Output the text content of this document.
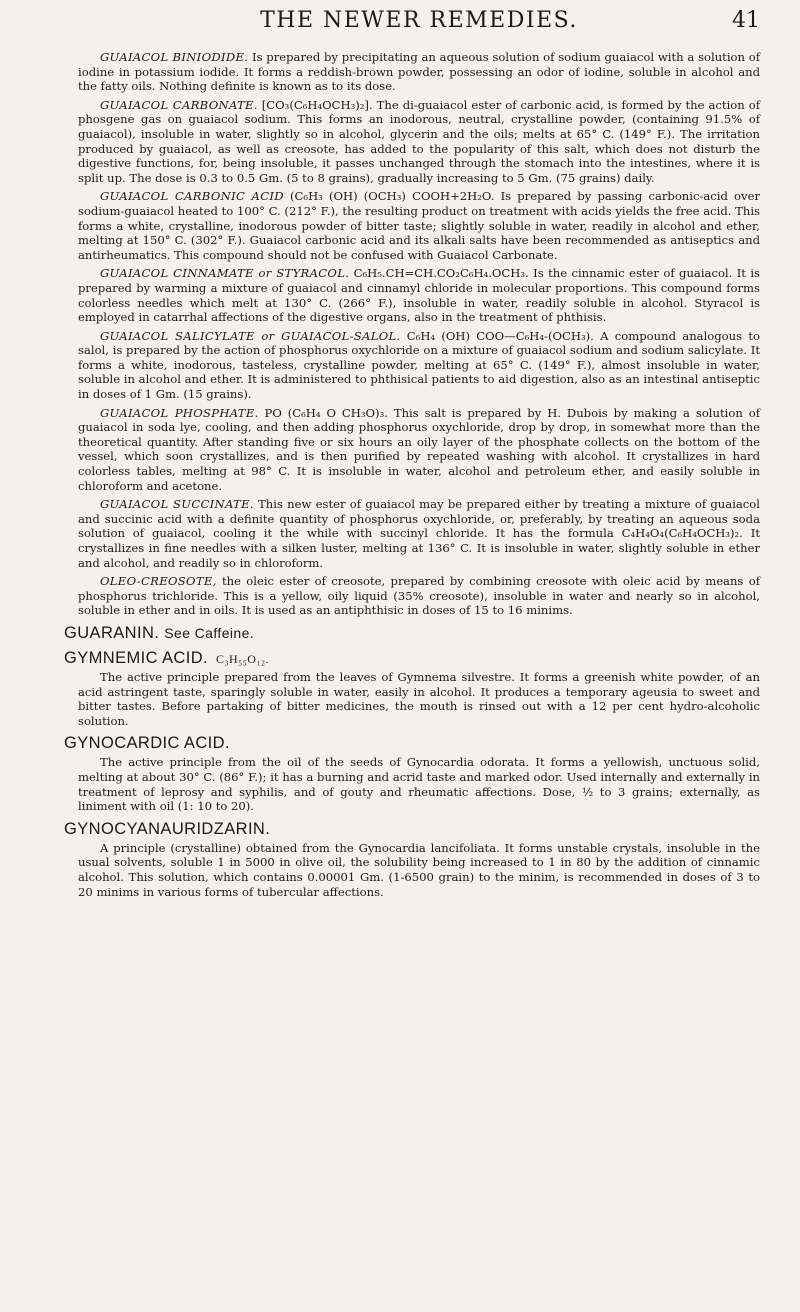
THE NEWER REMEDIES.	41

GUAIACOL BINIODIDE. Is prepared by precipitating an aqueous solution of sodium guaiacol with a solution of iodine in potassium iodide. It forms a reddish-brown powder, possessing an odor of iodine, soluble in alcohol and the fatty oils. Nothing definite is known as to its dose.

GUAIACOL CARBONATE. [CO₃(C₆H₄OCH₃)₂]. The di-guaiacol ester of carbonic acid, is formed by the action of phosgene gas on guaiacol sodium. This forms an inodorous, neutral, crystalline powder, (containing 91.5% of guaiacol), insoluble in water, slightly so in alcohol, glycerin and the oils; melts at 65° C. (149° F.). The irritation produced by guaiacol, as well as creosote, has added to the popularity of this salt, which does not disturb the digestive functions, for, being insoluble, it passes unchanged through the stomach into the intestines, where it is split up. The dose is 0.3 to 0.5 Gm. (5 to 8 grains), gradually increasing to 5 Gm. (75 grains) daily.

GUAIACOL CARBONIC ACID (C₆H₃ (OH) (OCH₃) COOH+2H₂O. Is prepared by passing carbonic-acid over sodium-guaiacol heated to 100° C. (212° F.), the resulting product on treatment with acids yields the free acid. This forms a white, crystalline, inodorous powder of bitter taste; slightly soluble in water, readily in alcohol and ether, melting at 150° C. (302° F.). Guaiacol carbonic acid and its alkali salts have been recommended as antiseptics and antirheumatics. This compound should not be confused with Guaiacol Carbonate.

GUAIACOL CINNAMATE or STYRACOL. C₆H₅.CH=CH.CO₂C₆H₄.OCH₃. Is the cinnamic ester of guaiacol. It is prepared by warming a mixture of guaiacol and cinnamyl chloride in molecular proportions. This compound forms colorless needles which melt at 130° C. (266° F.), insoluble in water, readily soluble in alcohol. Styracol is employed in catarrhal affections of the digestive organs, also in the treatment of phthisis.

GUAIACOL SALICYLATE or GUAIACOL-SALOL. C₆H₄ (OH) COO—C₆H₄-(OCH₃). A compound analogous to salol, is prepared by the action of phosphorus oxychloride on a mixture of guaiacol sodium and sodium salicylate. It forms a white, inodorous, tasteless, crystalline powder, melting at 65° C. (149° F.), almost insoluble in water, soluble in alcohol and ether. It is administered to phthisical patients to aid digestion, also as an intestinal antiseptic in doses of 1 Gm. (15 grains).

GUAIACOL PHOSPHATE. PO (C₆H₄ O CH₃O)₃. This salt is prepared by H. Dubois by making a solution of guaiacol in soda lye, cooling, and then adding phosphorus oxychloride, drop by drop, in somewhat more than the theoretical quantity. After standing five or six hours an oily layer of the phosphate collects on the bottom of the vessel, which soon crystallizes, and is then purified by repeated washing with alcohol. It crystallizes in hard colorless tables, melting at 98° C. It is insoluble in water, alcohol and petroleum ether, and easily soluble in chloroform and acetone.

GUAIACOL SUCCINATE. This new ester of guaiacol may be prepared either by treating a mixture of guaiacol and succinic acid with a definite quantity of phosphorus oxychloride, or, preferably, by treating an aqueous soda solution of guaiacol, cooling it the while with succinyl chloride. It has the formula C₄H₄O₄(C₆H₄OCH₃)₂. It crystallizes in fine needles with a silken luster, melting at 136° C. It is insoluble in water, slightly soluble in ether and alcohol, and readily so in chloroform.

OLEO-CREOSOTE, the oleic ester of creosote, prepared by combining creosote with oleic acid by means of phosphorus trichloride. This is a yellow, oily liquid (35% creosote), insoluble in water and nearly so in alcohol, soluble in ether and in oils. It is used as an antiphthisic in doses of 15 to 16 minims.

GUARANIN. See Caffeine.
GYMNEMIC ACID. C₃H₅₅O₁₂.

The active principle prepared from the leaves of Gymnema silvestre. It forms a greenish white powder, of an acid astringent taste, sparingly soluble in water, easily in alcohol. It produces a temporary ageusia to sweet and bitter tastes. Before partaking of bitter medicines, the mouth is rinsed out with a 12 per cent hydro-alcoholic solution.

GYNOCARDIC ACID.

The active principle from the oil of the seeds of Gynocardia odorata. It forms a yellowish, unctuous solid, melting at about 30° C. (86° F.); it has a burning and acrid taste and marked odor. Used internally and externally in treatment of leprosy and syphilis, and of gouty and rheumatic affections. Dose, ½ to 3 grains; externally, as liniment with oil (1: 10 to 20).

GYNOCYANAURIDZARIN.

A principle (crystalline) obtained from the Gynocardia lancifoliata. It forms unstable crystals, insoluble in the usual solvents, soluble 1 in 5000 in olive oil, the solubility being increased to 1 in 80 by the addition of cinnamic alcohol. This solution, which contains 0.00001 Gm. (1-6500 grain) to the minim, is recommended in doses of 3 to 20 minims in various forms of tubercular affections.
